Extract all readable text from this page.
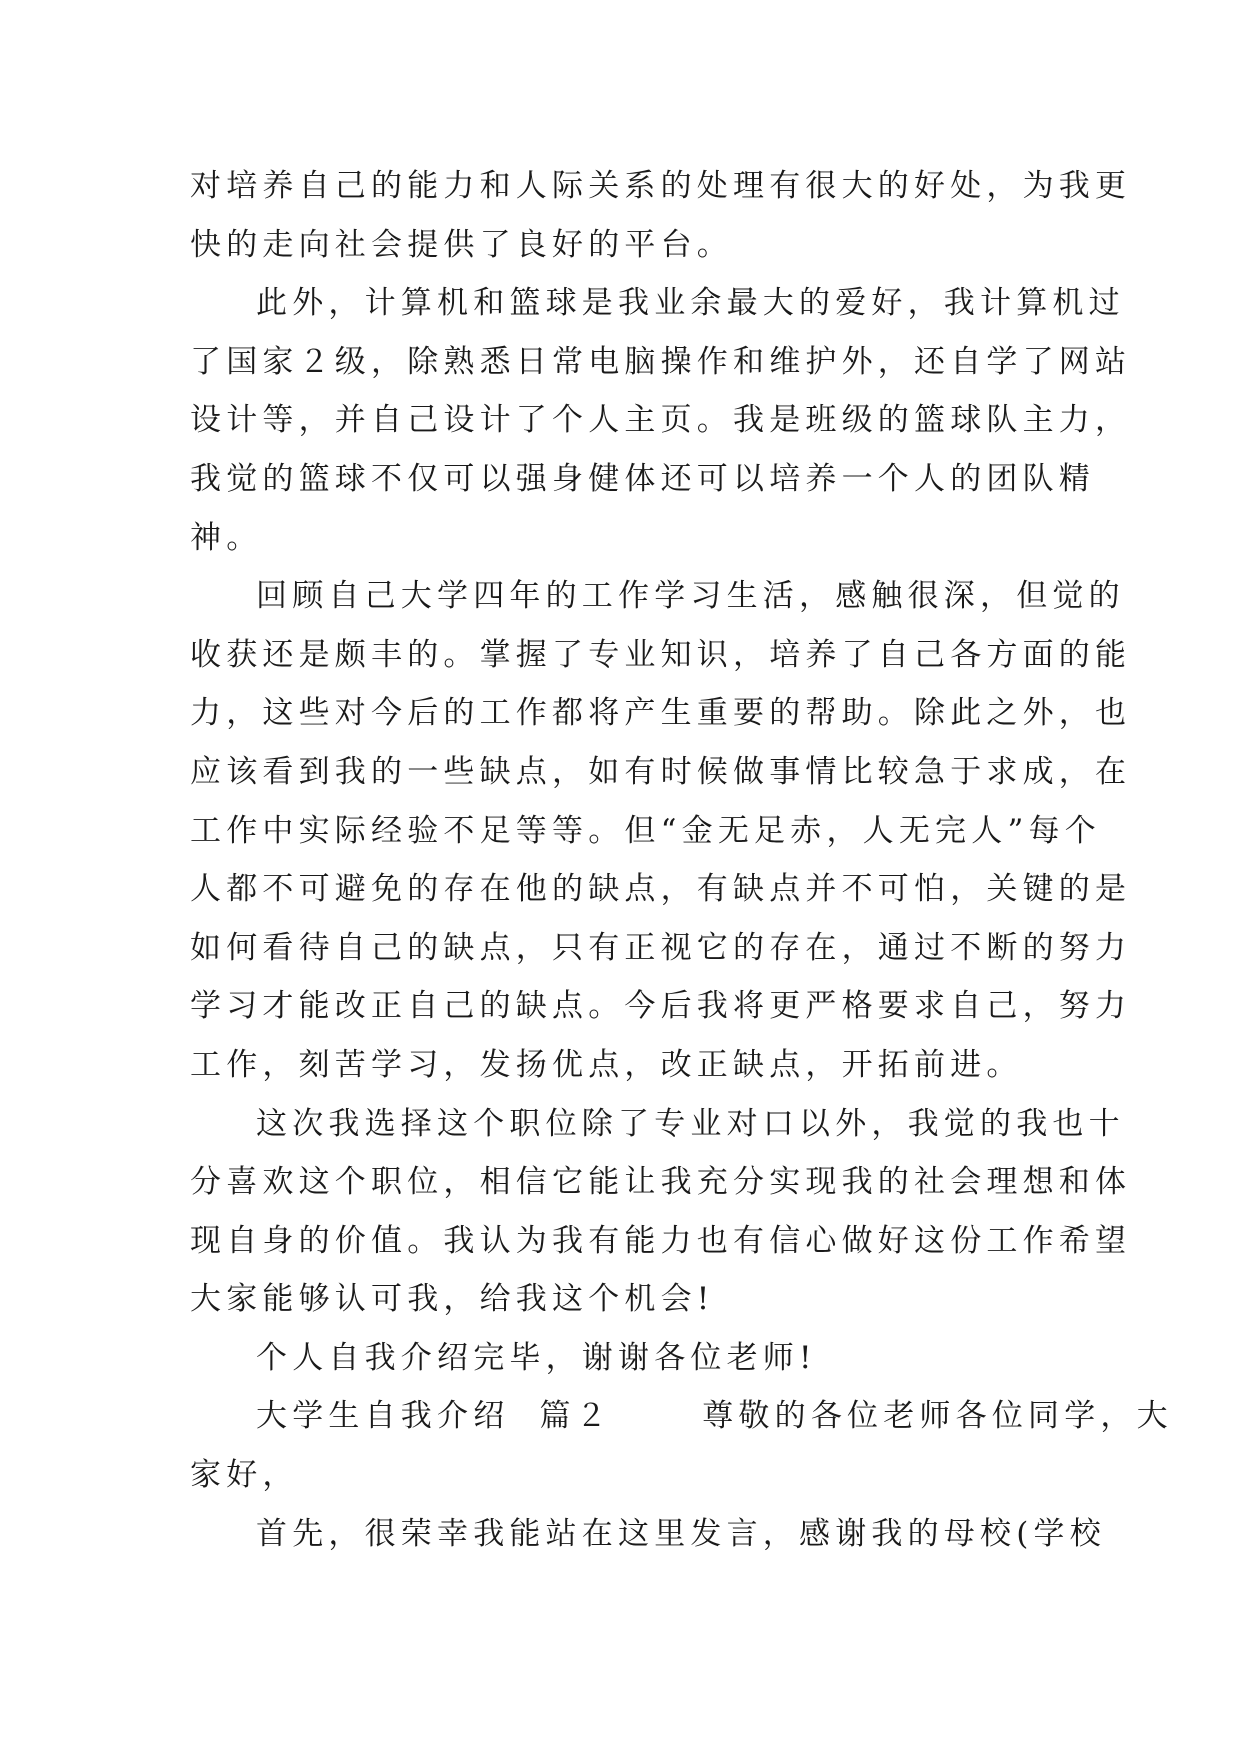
对培养自己的能力和人际关系的处理有很大的好处，为我更
快的走向社会提供了良好的平台。
此外，计算机和篮球是我业余最大的爱好，我计算机过
了国家２级，除熟悉日常电脑操作和维护外，还自学了网站
设计等，并自己设计了个人主页。我是班级的篮球队主力，
我觉的篮球不仅可以强身健体还可以培养一个人的团队精
神。
回顾自己大学四年的工作学习生活，感触很深，但觉的
收获还是颇丰的。掌握了专业知识，培养了自己各方面的能
力，这些对今后的工作都将产生重要的帮助。除此之外，也
应该看到我的一些缺点，如有时候做事情比较急于求成，在
工作中实际经验不足等等。但“金无足赤，人无完人”每个
人都不可避免的存在他的缺点，有缺点并不可怕，关键的是
如何看待自己的缺点，只有正视它的存在，通过不断的努力
学习才能改正自己的缺点。今后我将更严格要求自己，努力
工作，刻苦学习，发扬优点，改正缺点，开拓前进。
这次我选择这个职位除了专业对口以外，我觉的我也十
分喜欢这个职位，相信它能让我充分实现我的社会理想和体
现自身的价值。我认为我有能力也有信心做好这份工作希望
大家能够认可我，给我这个机会!
个人自我介绍完毕，谢谢各位老师!
大学生自我介绍  篇２      尊敬的各位老师各位同学，大
家好，
首先，很荣幸我能站在这里发言，感谢我的母校(学校
